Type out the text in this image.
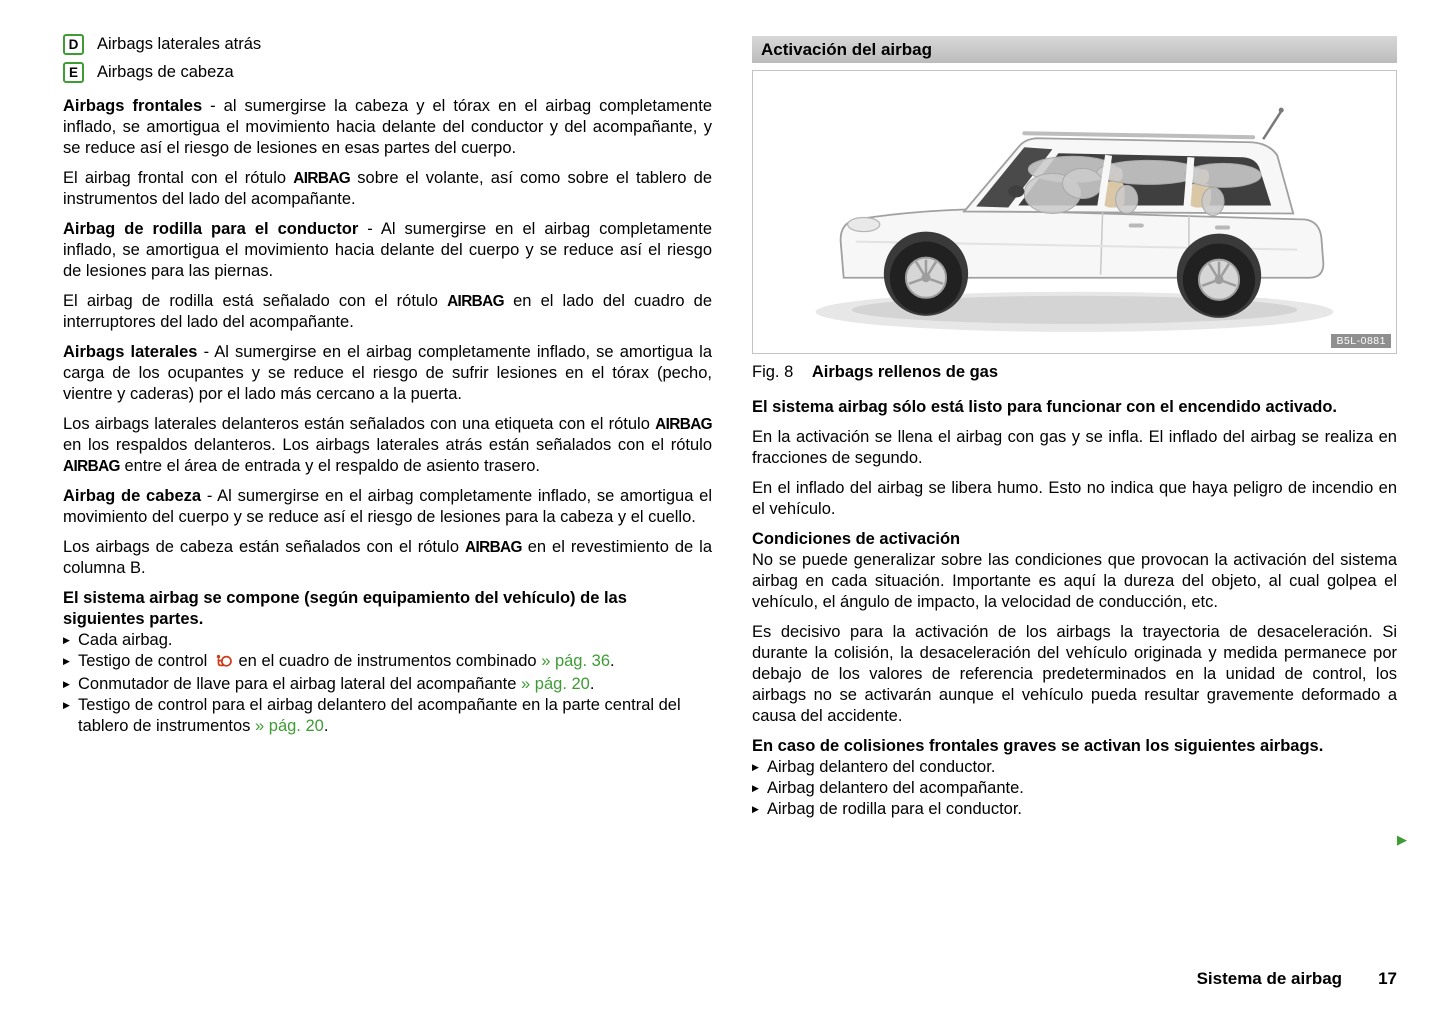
D	Airbags laterales atrás
E	Airbags de cabeza

Airbags frontales - al sumergirse la cabeza y el tórax en el airbag completamente inflado, se amortigua el movimiento hacia delante del conductor y del acompañante, y se reduce así el riesgo de lesiones en esas partes del cuerpo.

El airbag frontal con el rótulo AIRBAG sobre el volante, así como sobre el tablero de instrumentos del lado del acompañante.

Airbag de rodilla para el conductor - Al sumergirse en el airbag completamente inflado, se amortigua el movimiento hacia delante del cuerpo y se reduce así el riesgo de lesiones para las piernas.

El airbag de rodilla está señalado con el rótulo AIRBAG en el lado del cuadro de interruptores del lado del acompañante.

Airbags laterales - Al sumergirse en el airbag completamente inflado, se amortigua la carga de los ocupantes y se reduce el riesgo de sufrir lesiones en el tórax (pecho, vientre y caderas) por el lado más cercano a la puerta.

Los airbags laterales delanteros están señalados con una etiqueta con el rótulo AIRBAG en los respaldos delanteros. Los airbags laterales atrás están señalados con el rótulo AIRBAG entre el área de entrada y el respaldo de asiento trasero.

Airbag de cabeza - Al sumergirse en el airbag completamente inflado, se amortigua el movimiento del cuerpo y se reduce así el riesgo de lesiones para la cabeza y el cuello.

Los airbags de cabeza están señalados con el rótulo AIRBAG en el revestimiento de la columna B.

El sistema airbag se compone (según equipamiento del vehículo) de las siguientes partes.

▶ Cada airbag.
▶ Testigo de control  en el cuadro de instrumentos combinado » pág. 36.
▶ Conmutador de llave para el airbag lateral del acompañante » pág. 20.
▶ Testigo de control para el airbag delantero del acompañante en la parte central del tablero de instrumentos » pág. 20.
Activación del airbag
B5L-0881
Fig. 8 Airbags rellenos de gas

El sistema airbag sólo está listo para funcionar con el encendido activado.

En la activación se llena el airbag con gas y se infla. El inflado del airbag se realiza en fracciones de segundo.

En el inflado del airbag se libera humo. Esto no indica que haya peligro de incendio en el vehículo.

Condiciones de activación

No se puede generalizar sobre las condiciones que provocan la activación del sistema airbag en cada situación. Importante es aquí la dureza del objeto, al cual golpea el vehículo, el ángulo de impacto, la velocidad de conducción, etc.

Es decisivo para la activación de los airbags la trayectoria de desaceleración. Si durante la colisión, la desaceleración del vehículo originada y medida permanece por debajo de los valores de referencia predeterminados en la unidad de control, los airbags no se activarán aunque el vehículo pueda resultar gravemente deformado a causa del accidente.

En caso de colisiones frontales graves se activan los siguientes airbags.

▶ Airbag delantero del conductor.
▶ Airbag delantero del acompañante.
▶ Airbag de rodilla para el conductor.
▶
Sistema de airbag 17
